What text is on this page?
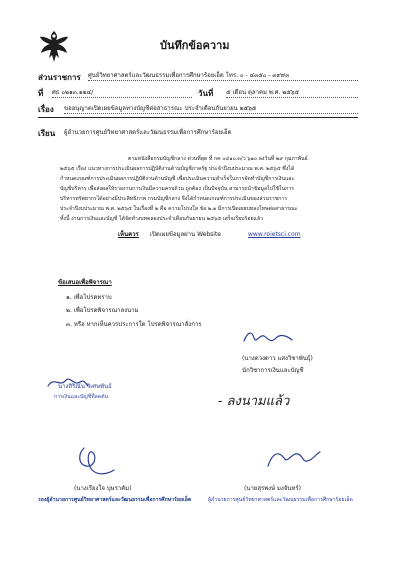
บันทึกข้อความ
ส่วนราชการ ศูนย์วิทยาศาสตร์และวัฒนธรรมเพื่อการศึกษาร้อยเอ็ด โทร. ๐ - ๔๓๕๐ - ๓๙๙๓
ที่ ศธ ๐๒๑๓.๑๒๔/	วันที่ ๕ เดือน ตุลาคม พ.ศ. ๒๕๖๕
เรื่อง ขออนุญาตเปิดเผยข้อมูลทางบัญชีต่อสาธารณะ ประจำเดือนกันยายน ๒๕๖๕
เรียน ผู้อำนวยการศูนย์วิทยาศาสตร์และวัฒนธรรมเพื่อการศึกษาร้อยเอ็ด
ตามหนังสือกรมบัญชีกลาง ด่วนที่สุด ที่ กค ๐๔๑๐.๓/ว ๖๑๐ ลงวันที่ ๒๙ กุมภาพันธ์
๒๕๖๕ เรื่อง แนวทางการประเมินผลการปฏิบัติงานด้านบัญชีภาครัฐ ประจำปีงบประมาณ พ.ศ. ๒๕๖๕ ซึ่งได้
กำหนดเกณฑ์การประเมินผลการปฏิบัติงานด้านบัญชี เพื่อประเมินความสำเร็จในการจัดทำบัญชีการเงินและ
บัญชีบริหาร เพื่อส่งผลให้รายงานการเงินมีความครบถ้วน ถูกต้อง เป็นปัจจุบัน สามารถนำข้อมูลไปใช้ในการ
บริหารทรัพยากรได้อย่างมีประสิทธิภาพ กรมบัญชีกลาง จึงได้กำหนดเกณฑ์การประเมินของส่วนราชการ
ประจำปีงบประมาณ พ.ศ. ๒๕๖๕ ในเรื่องที่ ๒ คือ ความโปร่งใส ข้อ ๒.๑ มีการเปิดเผยบทลงโทษต่อสาธารณะ
ทั้งนี้ งานการเงินและบัญชี ได้จัดทำงบทดลองประจำเดือนกันยายน ๒๕๖๕ เสร็จเรียบร้อยแล้ว
เห็นควร เปิดเผยข้อมูลผ่าน Website	www.roietsci.com
ข้อเสนอเพื่อพิจารณา
๑. เพื่อโปรดทราบ
๒. เพื่อโปรดพิจารณาลงนาม
๓. หรือ หากเห็นควรประการใด โปรดพิจารณาสั่งการ
(นางดวงดาว แสงวิชาพันธุ์)
นักวิชาการเงินและบัญชี
นางสิริณัน วิเศษพันธ์
การเงินและบัญชีที่ลดต้น	- ลงนามแล้ว
(นางเรียงใจ บุษราคัม)
รองผู้อำนวยการศูนย์วิทยาศาสตร์และวัฒนธรรมเพื่อการศึกษาร้อยเอ็ด
(นายสุรพงษ์ มงจันทร์)
ผู้อำนวยการศูนย์วิทยาศาสตร์และวัฒนธรรมเพื่อการศึกษาร้อยเอ็ด
